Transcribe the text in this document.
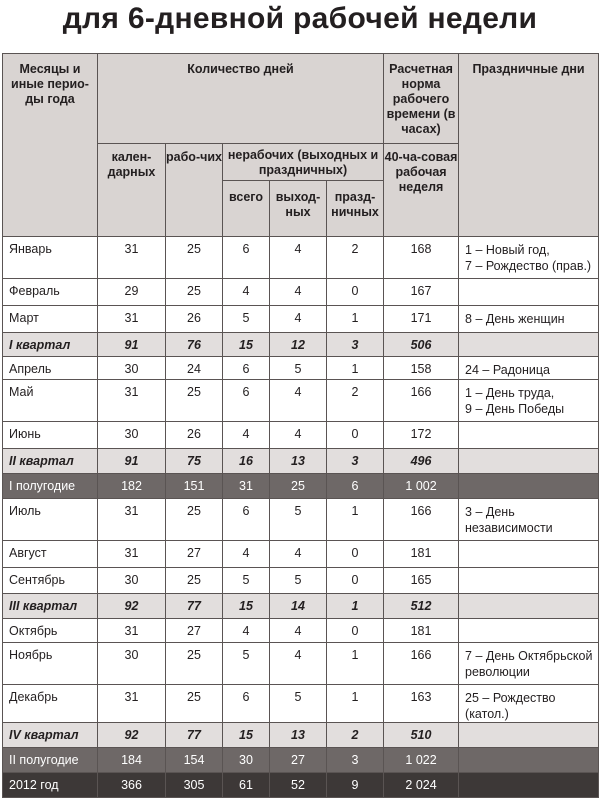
для 6-дневной рабочей недели
Месяцы и иные перио-ды года	Количество дней					Расчетная норма рабочего времени (в часах)	Праздничные дни
	кален-дарных	рабо-чих	нерабочих (выходных и праздничных)			40-ча-совая рабочая неделя	
			всего	выход-ных	празд-ничных		
Январь	31	25	6	4	2	168	1 – Новый год,
7 – Рождество (прав.)
Февраль	29	25	4	4	0	167	
Март	31	26	5	4	1	171	8 – День женщин
I квартал	91	76	15	12	3	506	
Апрель	30	24	6	5	1	158	24 – Радоница
Май	31	25	6	4	2	166	1 – День труда,
9 – День Победы
Июнь	30	26	4	4	0	172	
II квартал	91	75	16	13	3	496	
I полугодие	182	151	31	25	6	1 002	
Июль	31	25	6	5	1	166	3 – День
независимости
Август	31	27	4	4	0	181	
Сентябрь	30	25	5	5	0	165	
III квартал	92	77	15	14	1	512	
Октябрь	31	27	4	4	0	181	
Ноябрь	30	25	5	4	1	166	7 – День Октябрьской
революции
Декабрь	31	25	6	5	1	163	25 – Рождество (катол.)
IV квартал	92	77	15	13	2	510	
II полугодие	184	154	30	27	3	1 022	
2012 год	366	305	61	52	9	2 024	
